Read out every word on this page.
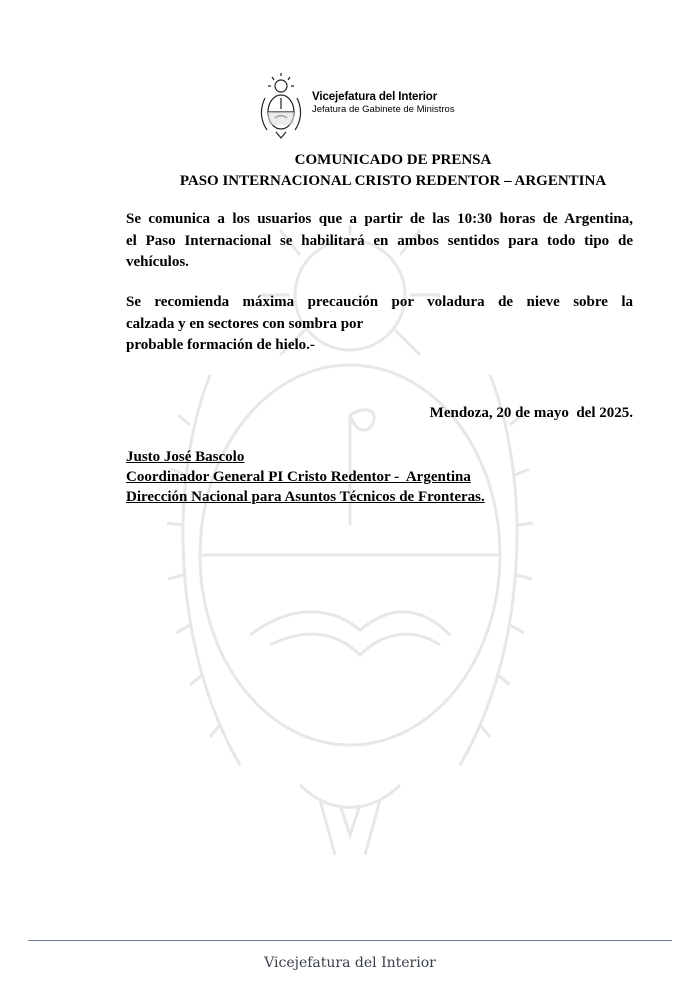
Vicejefatura del Interior
Jefatura de Gabinete de Ministros
COMUNICADO DE PRENSA
PASO INTERNACIONAL CRISTO REDENTOR – ARGENTINA
Se comunica a los usuarios que a partir de las 10:30 horas de Argentina,
el Paso Internacional se habilitará en ambos sentidos para todo tipo de
vehículos.
Se recomienda máxima precaución por voladura de nieve sobre la
calzada y en sectores con sombra por
probable formación de hielo.-
Mendoza, 20 de mayo  del 2025.
Justo José Bascolo
Coordinador General PI Cristo Redentor -  Argentina
Dirección Nacional para Asuntos Técnicos de Fronteras.
Vicejefatura del Interior
